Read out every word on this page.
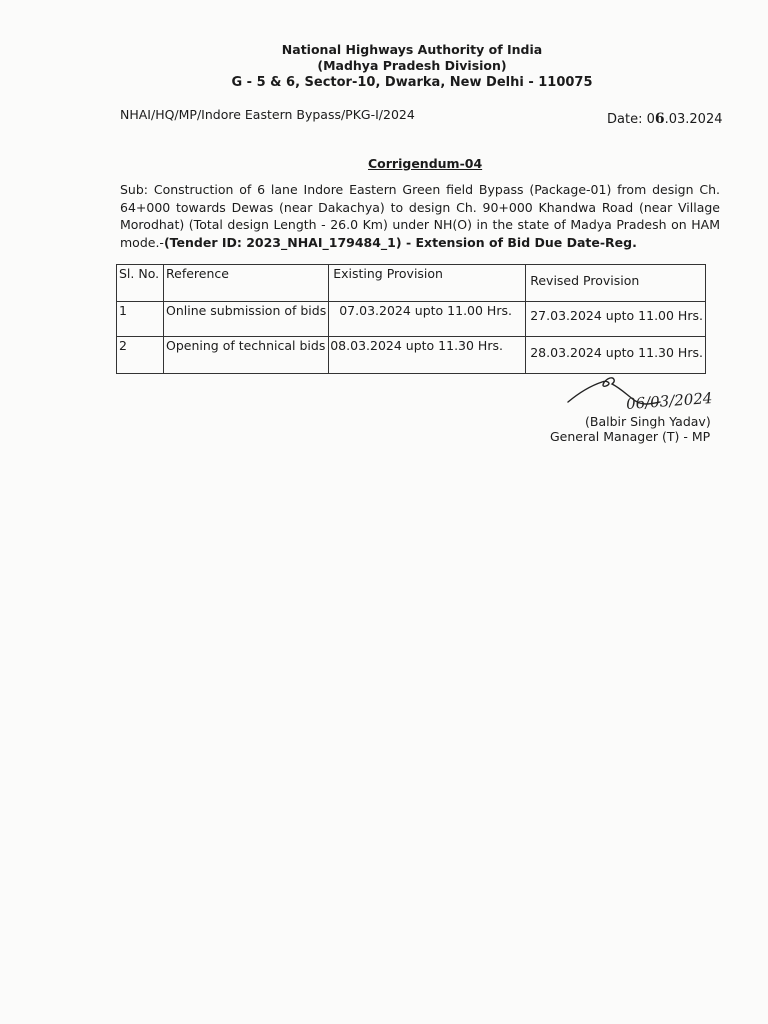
National Highways Authority of India
(Madhya Pradesh Division)
G - 5 & 6, Sector-10, Dwarka, New Delhi - 110075
NHAI/HQ/MP/Indore Eastern Bypass/PKG-I/2024	Date: 06.03.2024
Corrigendum-04
Sub: Construction of 6 lane Indore Eastern Green field Bypass (Package-01) from design Ch. 64+000 towards Dewas (near Dakachya) to design Ch. 90+000 Khandwa Road (near Village Morodhat) (Total design Length - 26.0 Km) under NH(O) in the state of Madya Pradesh on HAM mode.-(Tender ID: 2023_NHAI_179484_1) - Extension of Bid Due Date-Reg.
Sl. No.	Reference	Existing Provision	Revised Provision
1	Online submission of bids	07.03.2024 upto 11.00 Hrs.	27.03.2024 upto 11.00 Hrs.
2	Opening of technical bids	08.03.2024 upto 11.30 Hrs.	28.03.2024 upto 11.30 Hrs.
06/03/2024
(Balbir Singh Yadav)
General Manager (T) - MP
